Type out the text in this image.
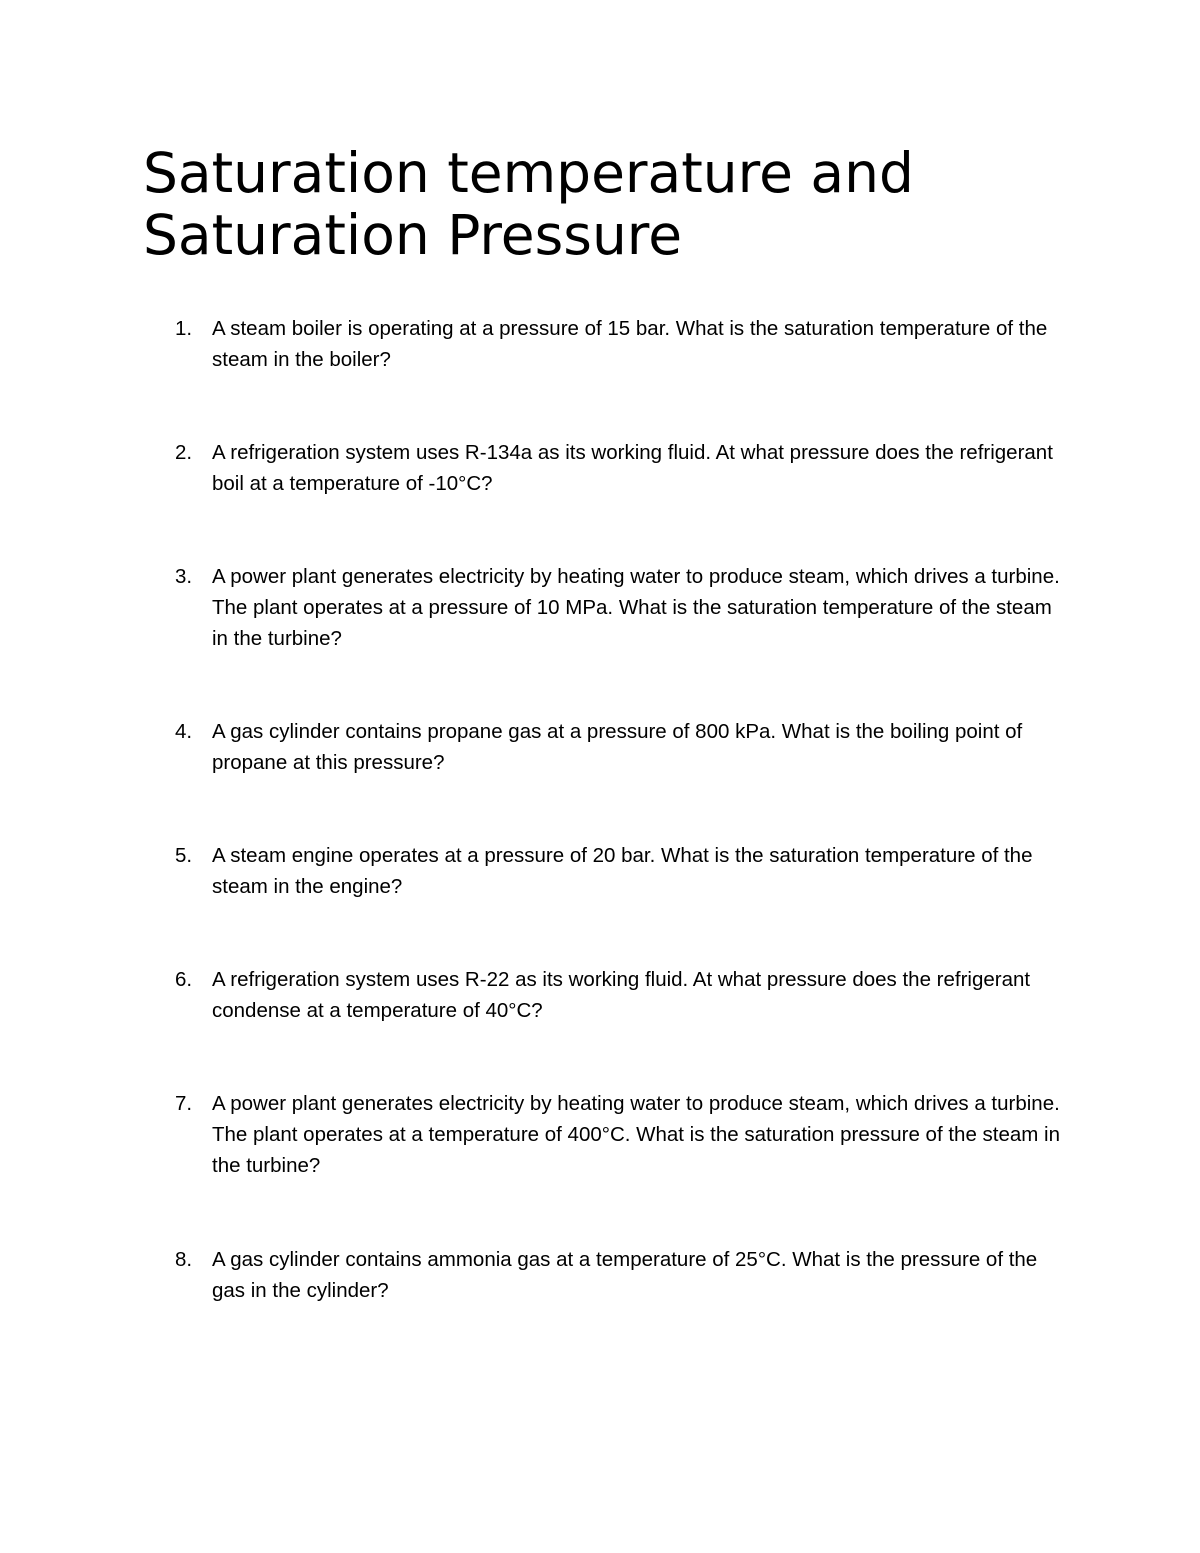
Saturation temperature and Saturation Pressure
1. A steam boiler is operating at a pressure of 15 bar. What is the saturation temperature of the steam in the boiler?
2. A refrigeration system uses R-134a as its working fluid. At what pressure does the refrigerant boil at a temperature of -10°C?
3. A power plant generates electricity by heating water to produce steam, which drives a turbine. The plant operates at a pressure of 10 MPa. What is the saturation temperature of the steam in the turbine?
4. A gas cylinder contains propane gas at a pressure of 800 kPa. What is the boiling point of propane at this pressure?
5. A steam engine operates at a pressure of 20 bar. What is the saturation temperature of the steam in the engine?
6. A refrigeration system uses R-22 as its working fluid. At what pressure does the refrigerant condense at a temperature of 40°C?
7. A power plant generates electricity by heating water to produce steam, which drives a turbine. The plant operates at a temperature of 400°C. What is the saturation pressure of the steam in the turbine?
8. A gas cylinder contains ammonia gas at a temperature of 25°C. What is the pressure of the gas in the cylinder?
